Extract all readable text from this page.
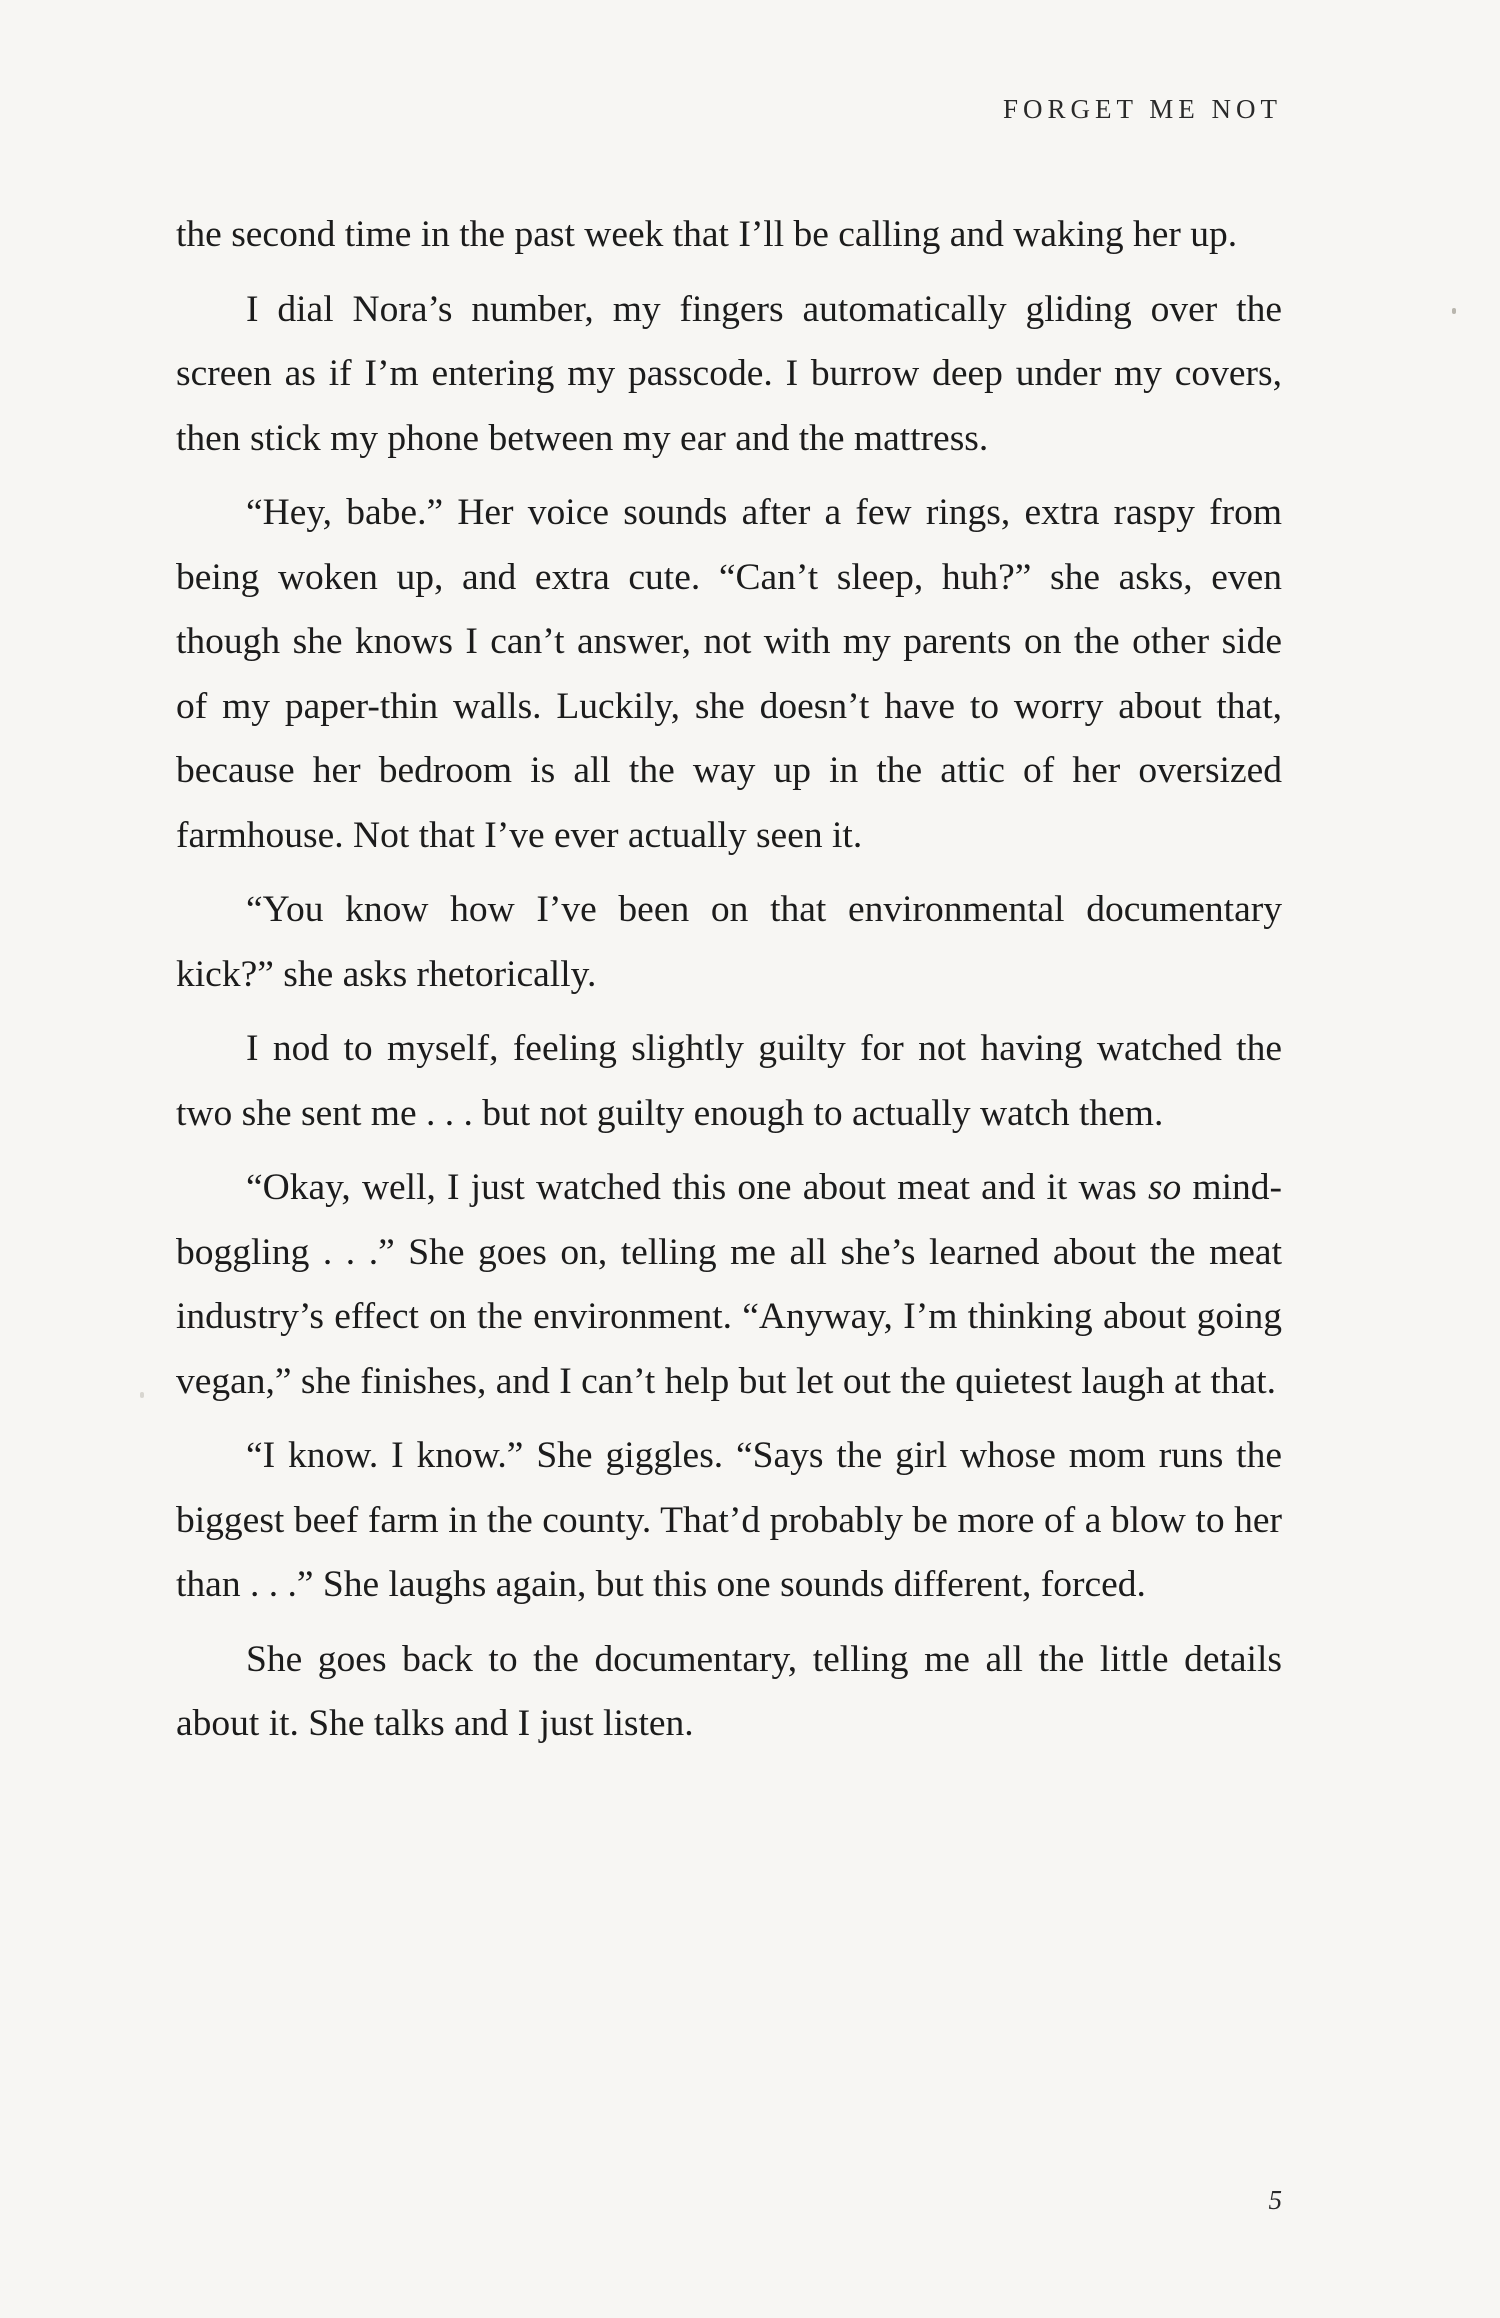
FORGET ME NOT

the second time in the past week that I’ll be calling and waking her up.

I dial Nora’s number, my fingers automatically gliding over the screen as if I’m entering my passcode. I burrow deep under my covers, then stick my phone between my ear and the mattress.

“Hey, babe.” Her voice sounds after a few rings, extra raspy from being woken up, and extra cute. “Can’t sleep, huh?” she asks, even though she knows I can’t answer, not with my parents on the other side of my paper-thin walls. Luckily, she doesn’t have to worry about that, because her bedroom is all the way up in the attic of her oversized farmhouse. Not that I’ve ever actually seen it.

“You know how I’ve been on that environmental documentary kick?” she asks rhetorically.

I nod to myself, feeling slightly guilty for not having watched the two she sent me . . . but not guilty enough to actually watch them.

“Okay, well, I just watched this one about meat and it was so mind-boggling . . .” She goes on, telling me all she’s learned about the meat industry’s effect on the environment. “Anyway, I’m thinking about going vegan,” she finishes, and I can’t help but let out the quietest laugh at that.

“I know. I know.” She giggles. “Says the girl whose mom runs the biggest beef farm in the county. That’d probably be more of a blow to her than . . .” She laughs again, but this one sounds different, forced.

She goes back to the documentary, telling me all the little details about it. She talks and I just listen.

5
